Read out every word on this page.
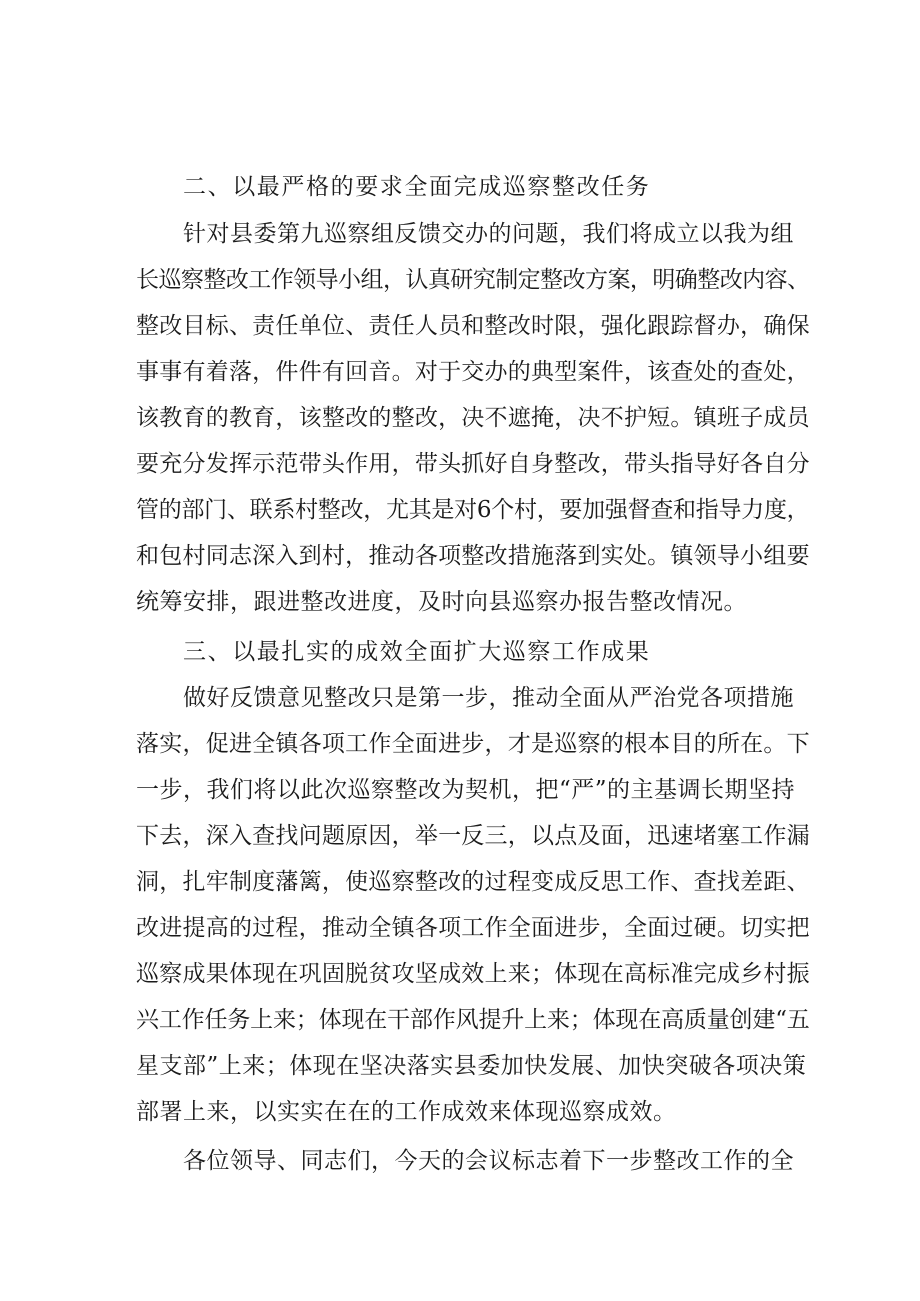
二、以最严格的要求全面完成巡察整改任务
针对县委第九巡察组反馈交办的问题，我们将成立以我为组
长巡察整改工作领导小组，认真研究制定整改方案，明确整改内容、
整改目标、责任单位、责任人员和整改时限，强化跟踪督办，确保
事事有着落，件件有回音。对于交办的典型案件，该查处的查处，
该教育的教育，该整改的整改，决不遮掩，决不护短。镇班子成员
要充分发挥示范带头作用，带头抓好自身整改，带头指导好各自分
管的部门、联系村整改，尤其是对6个村，要加强督查和指导力度，
和包村同志深入到村，推动各项整改措施落到实处。镇领导小组要
统筹安排，跟进整改进度，及时向县巡察办报告整改情况。
三、以最扎实的成效全面扩大巡察工作成果
做好反馈意见整改只是第一步，推动全面从严治党各项措施
落实，促进全镇各项工作全面进步，才是巡察的根本目的所在。下
一步，我们将以此次巡察整改为契机，把“严”的主基调长期坚持
下去，深入查找问题原因，举一反三，以点及面，迅速堵塞工作漏
洞，扎牢制度藩篱，使巡察整改的过程变成反思工作、查找差距、
改进提高的过程，推动全镇各项工作全面进步，全面过硬。切实把
巡察成果体现在巩固脱贫攻坚成效上来；体现在高标准完成乡村振
兴工作任务上来；体现在干部作风提升上来；体现在高质量创建“五
星支部”上来；体现在坚决落实县委加快发展、加快突破各项决策
部署上来，以实实在在的工作成效来体现巡察成效。
各位领导、同志们，今天的会议标志着下一步整改工作的全
